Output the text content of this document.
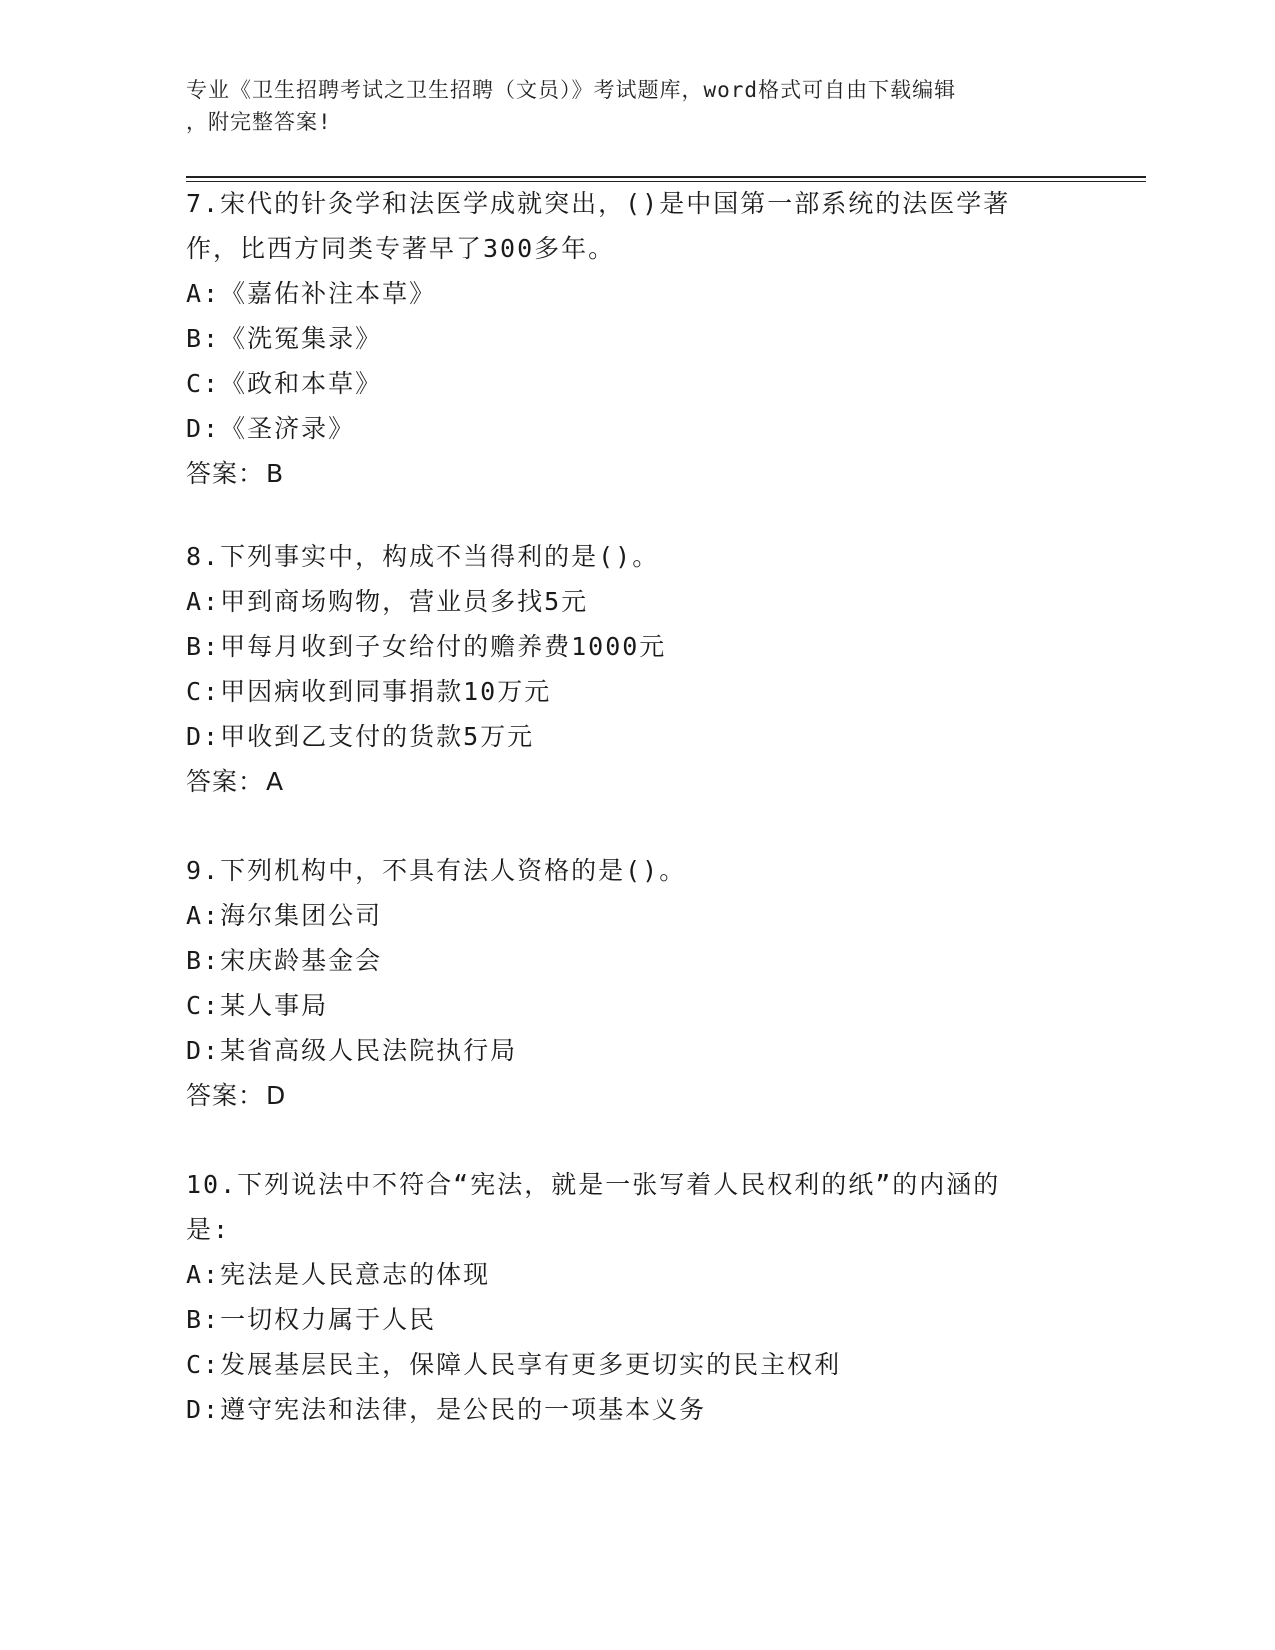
专业《卫生招聘考试之卫生招聘（文员）》考试题库，word格式可自由下载编辑
，附完整答案!

7.宋代的针灸学和法医学成就突出，()是中国第一部系统的法医学著

作，比西方同类专著早了300多年。

A:《嘉佑补注本草》

B:《洗冤集录》

C:《政和本草》

D:《圣济录》

答案：B

8.下列事实中，构成不当得利的是()。

A:甲到商场购物，营业员多找5元

B:甲每月收到子女给付的赡养费1000元

C:甲因病收到同事捐款10万元

D:甲收到乙支付的货款5万元

答案：A

9.下列机构中，不具有法人资格的是()。

A:海尔集团公司

B:宋庆龄基金会

C:某人事局

D:某省高级人民法院执行局

答案：D

10.下列说法中不符合“宪法，就是一张写着人民权利的纸”的内涵的

是:

A:宪法是人民意志的体现

B:一切权力属于人民

C:发展基层民主，保障人民享有更多更切实的民主权利

D:遵守宪法和法律，是公民的一项基本义务
